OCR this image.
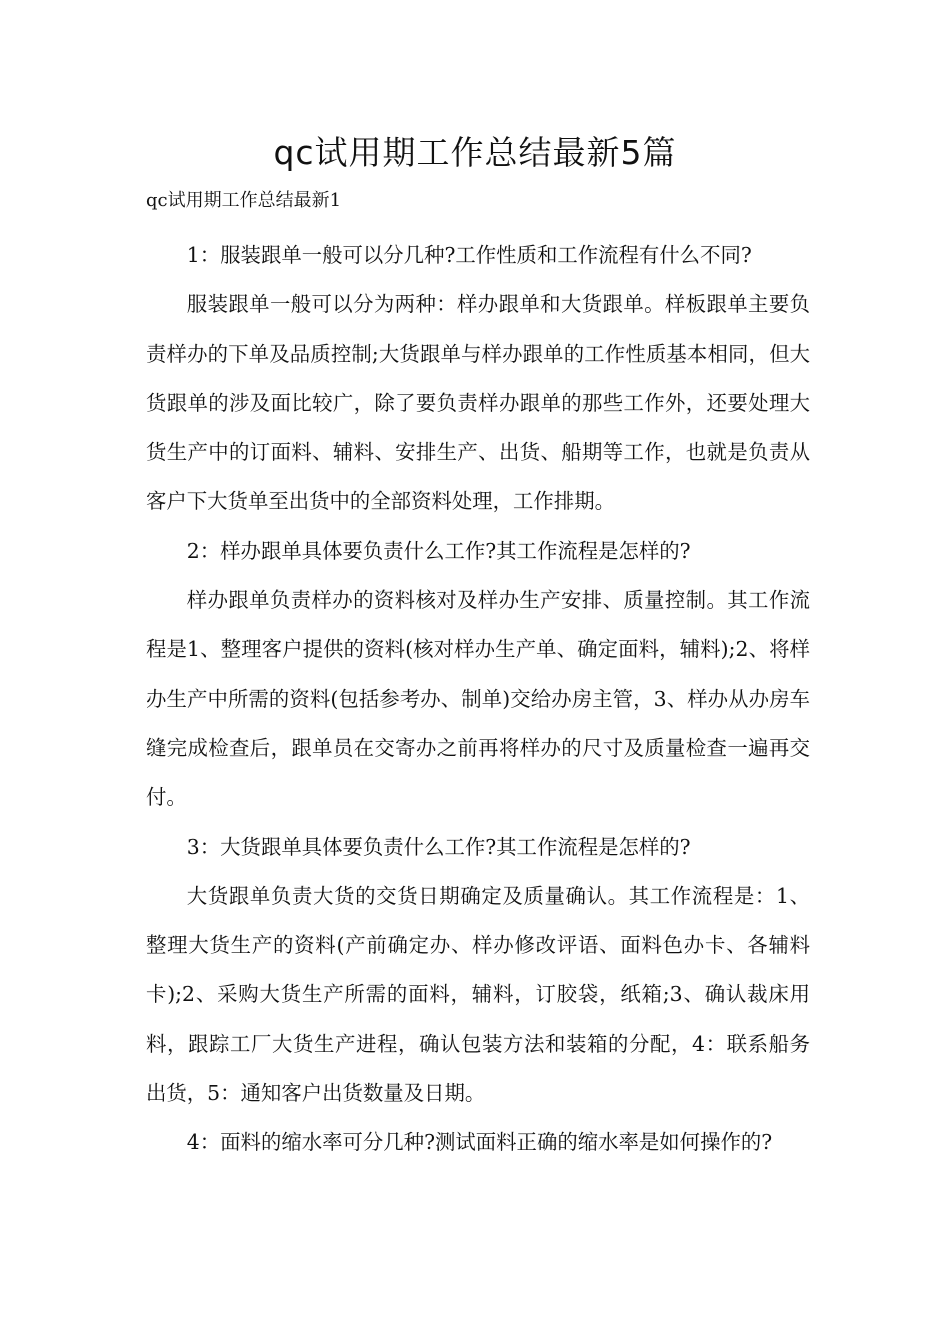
qc试用期工作总结最新5篇
qc试用期工作总结最新1

1：服装跟单一般可以分几种?工作性质和工作流程有什么不同?

服装跟单一般可以分为两种：样办跟单和大货跟单。样板跟单主要负责样办的下单及品质控制;大货跟单与样办跟单的工作性质基本相同，但大货跟单的涉及面比较广，除了要负责样办跟单的那些工作外，还要处理大货生产中的订面料、辅料、安排生产、出货、船期等工作，也就是负责从客户下大货单至出货中的全部资料处理，工作排期。

2：样办跟单具体要负责什么工作?其工作流程是怎样的?

样办跟单负责样办的资料核对及样办生产安排、质量控制。其工作流程是1、整理客户提供的资料(核对样办生产单、确定面料，辅料);2、将样办生产中所需的资料(包括参考办、制单)交给办房主管，3、样办从办房车缝完成检查后，跟单员在交寄办之前再将样办的尺寸及质量检查一遍再交付。

3：大货跟单具体要负责什么工作?其工作流程是怎样的?

大货跟单负责大货的交货日期确定及质量确认。其工作流程是：1、整理大货生产的资料(产前确定办、样办修改评语、面料色办卡、各辅料卡);2、采购大货生产所需的面料，辅料，订胶袋，纸箱;3、确认裁床用料，跟踪工厂大货生产进程，确认包装方法和装箱的分配，4：联系船务出货，5：通知客户出货数量及日期。

4：面料的缩水率可分几种?测试面料正确的缩水率是如何操作的?
